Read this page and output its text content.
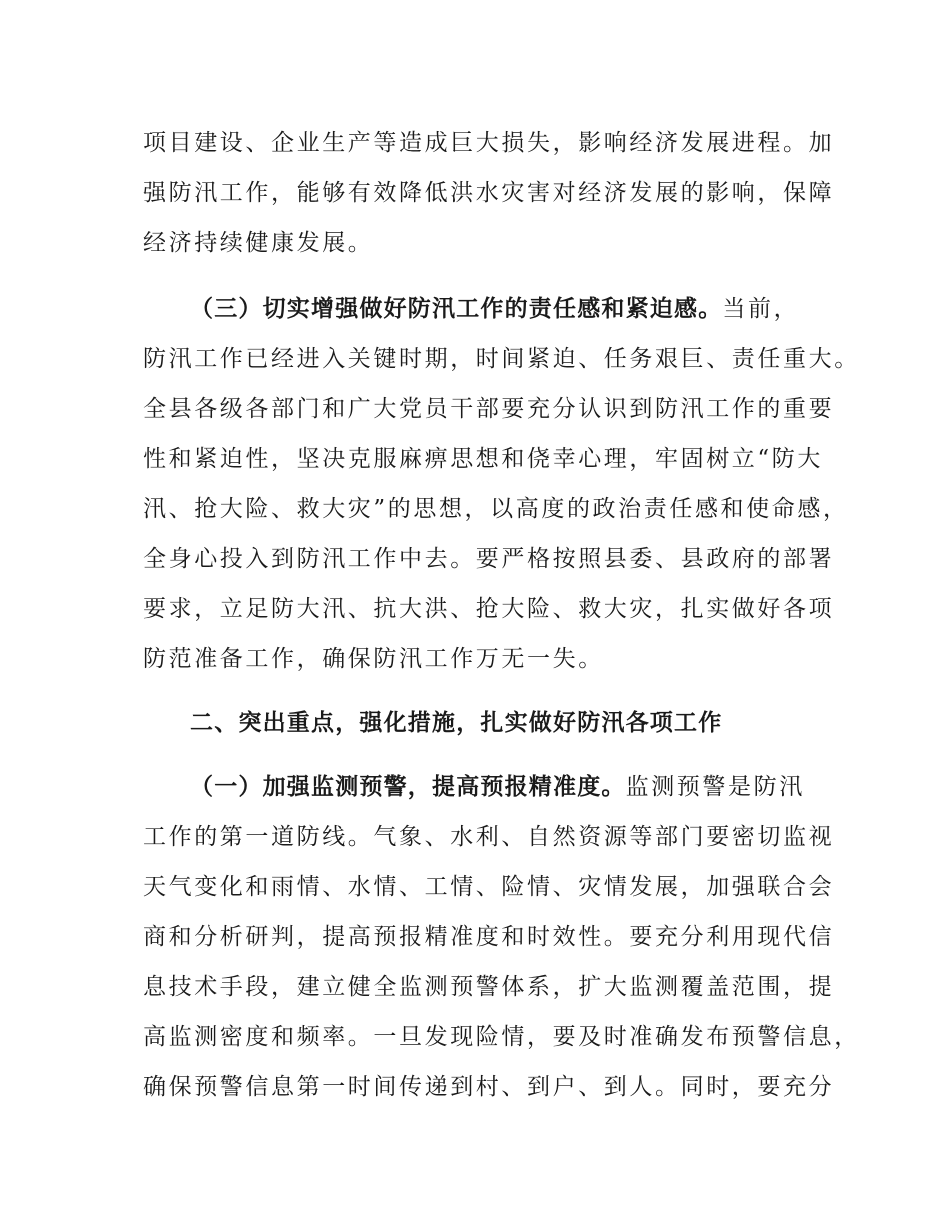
项目建设、企业生产等造成巨大损失，影响经济发展进程。加
强防汛工作，能够有效降低洪水灾害对经济发展的影响，保障
经济持续健康发展。
（三）切实增强做好防汛工作的责任感和紧迫感。当前，
防汛工作已经进入关键时期，时间紧迫、任务艰巨、责任重大。
全县各级各部门和广大党员干部要充分认识到防汛工作的重要
性和紧迫性，坚决克服麻痹思想和侥幸心理，牢固树立“防大
汛、抢大险、救大灾”的思想，以高度的政治责任感和使命感，
全身心投入到防汛工作中去。要严格按照县委、县政府的部署
要求，立足防大汛、抗大洪、抢大险、救大灾，扎实做好各项
防范准备工作，确保防汛工作万无一失。
二、突出重点，强化措施，扎实做好防汛各项工作
（一）加强监测预警，提高预报精准度。监测预警是防汛
工作的第一道防线。气象、水利、自然资源等部门要密切监视
天气变化和雨情、水情、工情、险情、灾情发展，加强联合会
商和分析研判，提高预报精准度和时效性。要充分利用现代信
息技术手段，建立健全监测预警体系，扩大监测覆盖范围，提
高监测密度和频率。一旦发现险情，要及时准确发布预警信息，
确保预警信息第一时间传递到村、到户、到人。同时，要充分
